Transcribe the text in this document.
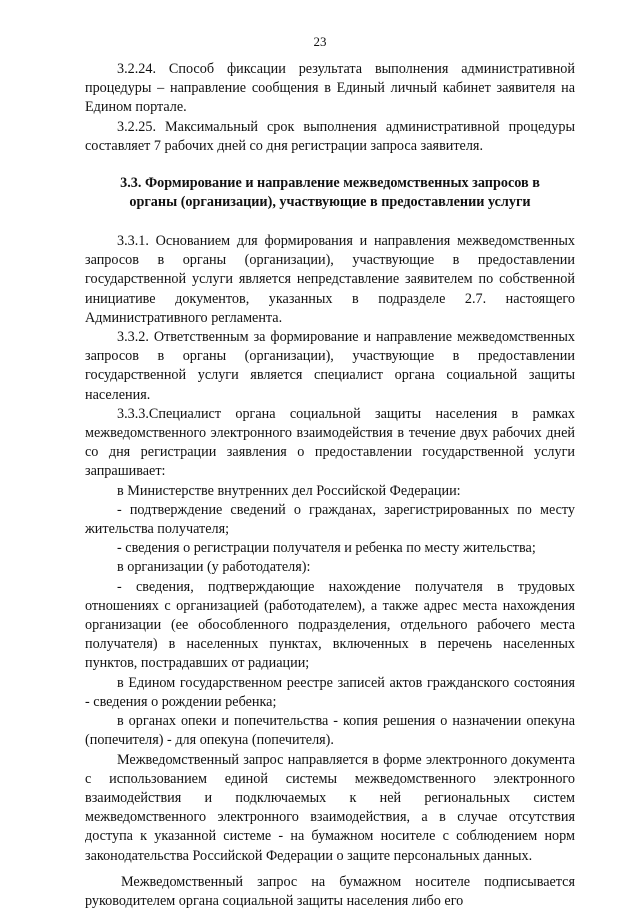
23

3.2.24. Способ фиксации результата выполнения административной процедуры – направление сообщения в Единый личный кабинет заявителя на Едином портале.

3.2.25. Максимальный срок выполнения административной процедуры составляет 7 рабочих дней со дня регистрации запроса заявителя.

3.3. Формирование и направление межведомственных запросов в органы (организации), участвующие в предоставлении услуги

3.3.1. Основанием для формирования и направления межведомственных запросов в органы (организации), участвующие в предоставлении государственной услуги является непредставление заявителем по собственной инициативе документов, указанных в подразделе 2.7. настоящего Административного регламента.

3.3.2. Ответственным за формирование и направление межведомственных запросов в органы (организации), участвующие в предоставлении государственной услуги является специалист органа социальной защиты населения.

3.3.3.Специалист органа социальной защиты населения в рамках межведомственного электронного взаимодействия в течение двух рабочих дней со дня регистрации заявления о предоставлении государственной услуги запрашивает:

в Министерстве внутренних дел Российской Федерации:

- подтверждение сведений о гражданах, зарегистрированных по месту жительства получателя;

- сведения о регистрации получателя и ребенка по месту жительства;

в организации (у работодателя):

- сведения, подтверждающие нахождение получателя в трудовых отношениях с организацией (работодателем), а также адрес места нахождения организации (ее обособленного подразделения, отдельного рабочего места получателя) в населенных пунктах, включенных в перечень населенных пунктов, пострадавших от радиации;

в Едином государственном реестре записей актов гражданского состояния - сведения о рождении ребенка;

в органах опеки и попечительства - копия решения о назначении опекуна (попечителя) - для опекуна (попечителя).

Межведомственный запрос направляется в форме электронного документа с использованием единой системы межведомственного электронного взаимодействия и подключаемых к ней региональных систем межведомственного электронного взаимодействия, а в случае отсутствия доступа к указанной системе - на бумажном носителе с соблюдением норм законодательства Российской Федерации о защите персональных данных.

Межведомственный запрос на бумажном носителе подписывается руководителем органа социальной защиты населения либо его
